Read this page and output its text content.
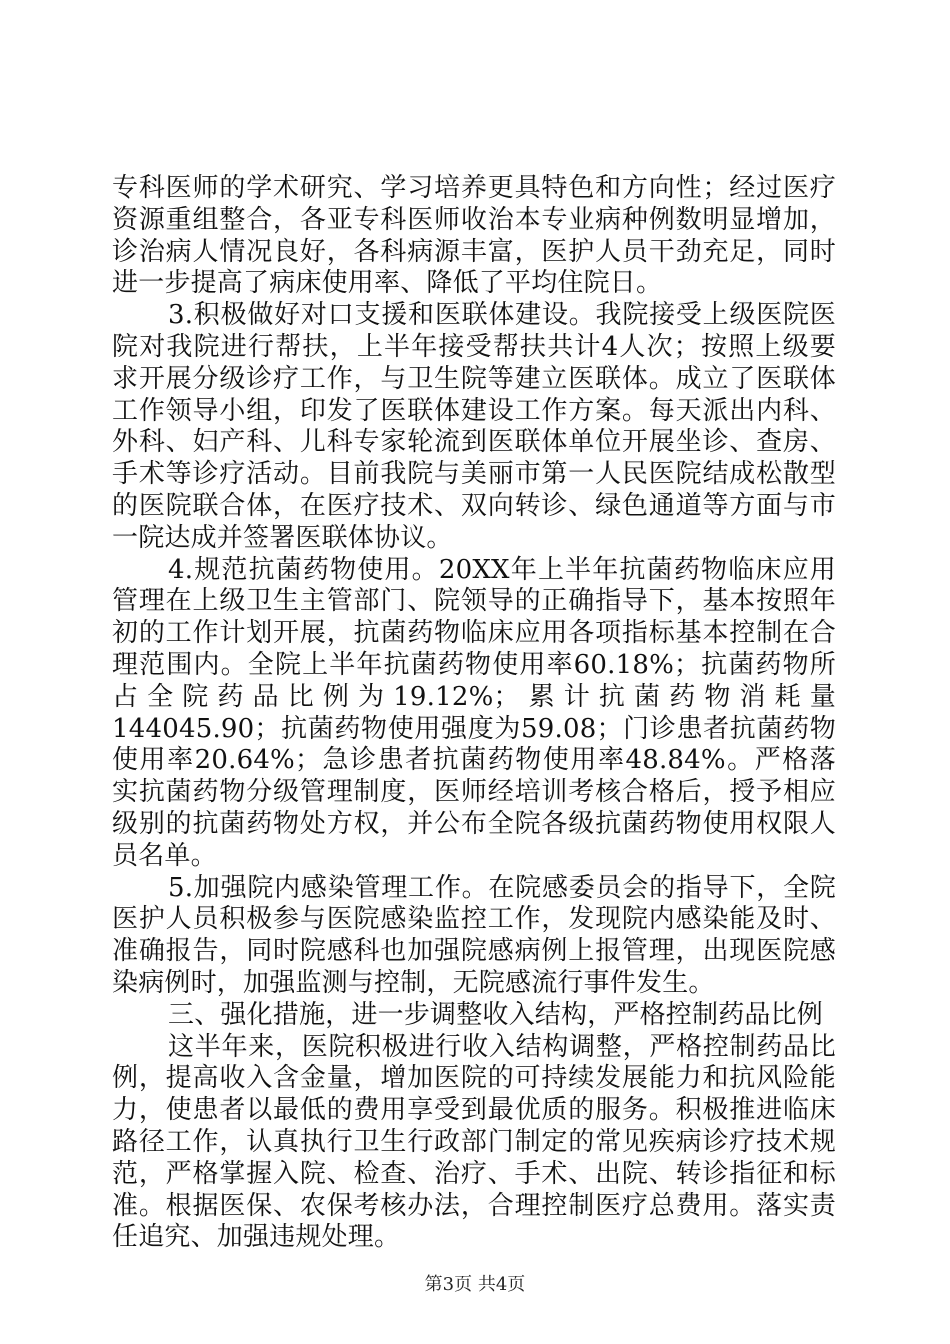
专科医师的学术研究、学习培养更具特色和方向性；经过医疗资源重组整合，各亚专科医师收治本专业病种例数明显增加，诊治病人情况良好，各科病源丰富，医护人员干劲充足，同时进一步提高了病床使用率、降低了平均住院日。

3.积极做好对口支援和医联体建设。我院接受上级医院医院对我院进行帮扶，上半年接受帮扶共计4人次；按照上级要求开展分级诊疗工作，与卫生院等建立医联体。成立了医联体工作领导小组，印发了医联体建设工作方案。每天派出内科、外科、妇产科、儿科专家轮流到医联体单位开展坐诊、查房、手术等诊疗活动。目前我院与美丽市第一人民医院结成松散型的医院联合体，在医疗技术、双向转诊、绿色通道等方面与市一院达成并签署医联体协议。

4.规范抗菌药物使用。20XX年上半年抗菌药物临床应用管理在上级卫生主管部门、院领导的正确指导下，基本按照年初的工作计划开展，抗菌药物临床应用各项指标基本控制在合理范围内。全院上半年抗菌药物使用率60.18%；抗菌药物所占全院药品比例为19.12%；累计抗菌药物消耗量144045.90；抗菌药物使用强度为59.08；门诊患者抗菌药物使用率20.64%；急诊患者抗菌药物使用率48.84%。严格落实抗菌药物分级管理制度，医师经培训考核合格后，授予相应级别的抗菌药物处方权，并公布全院各级抗菌药物使用权限人员名单。

5.加强院内感染管理工作。在院感委员会的指导下，全院医护人员积极参与医院感染监控工作，发现院内感染能及时、准确报告，同时院感科也加强院感病例上报管理，出现医院感染病例时，加强监测与控制，无院感流行事件发生。

三、强化措施，进一步调整收入结构，严格控制药品比例

这半年来，医院积极进行收入结构调整，严格控制药品比例，提高收入含金量，增加医院的可持续发展能力和抗风险能力，使患者以最低的费用享受到最优质的服务。积极推进临床路径工作，认真执行卫生行政部门制定的常见疾病诊疗技术规范，严格掌握入院、检查、治疗、手术、出院、转诊指征和标准。根据医保、农保考核办法，合理控制医疗总费用。落实责任追究、加强违规处理。

第3页 共4页
